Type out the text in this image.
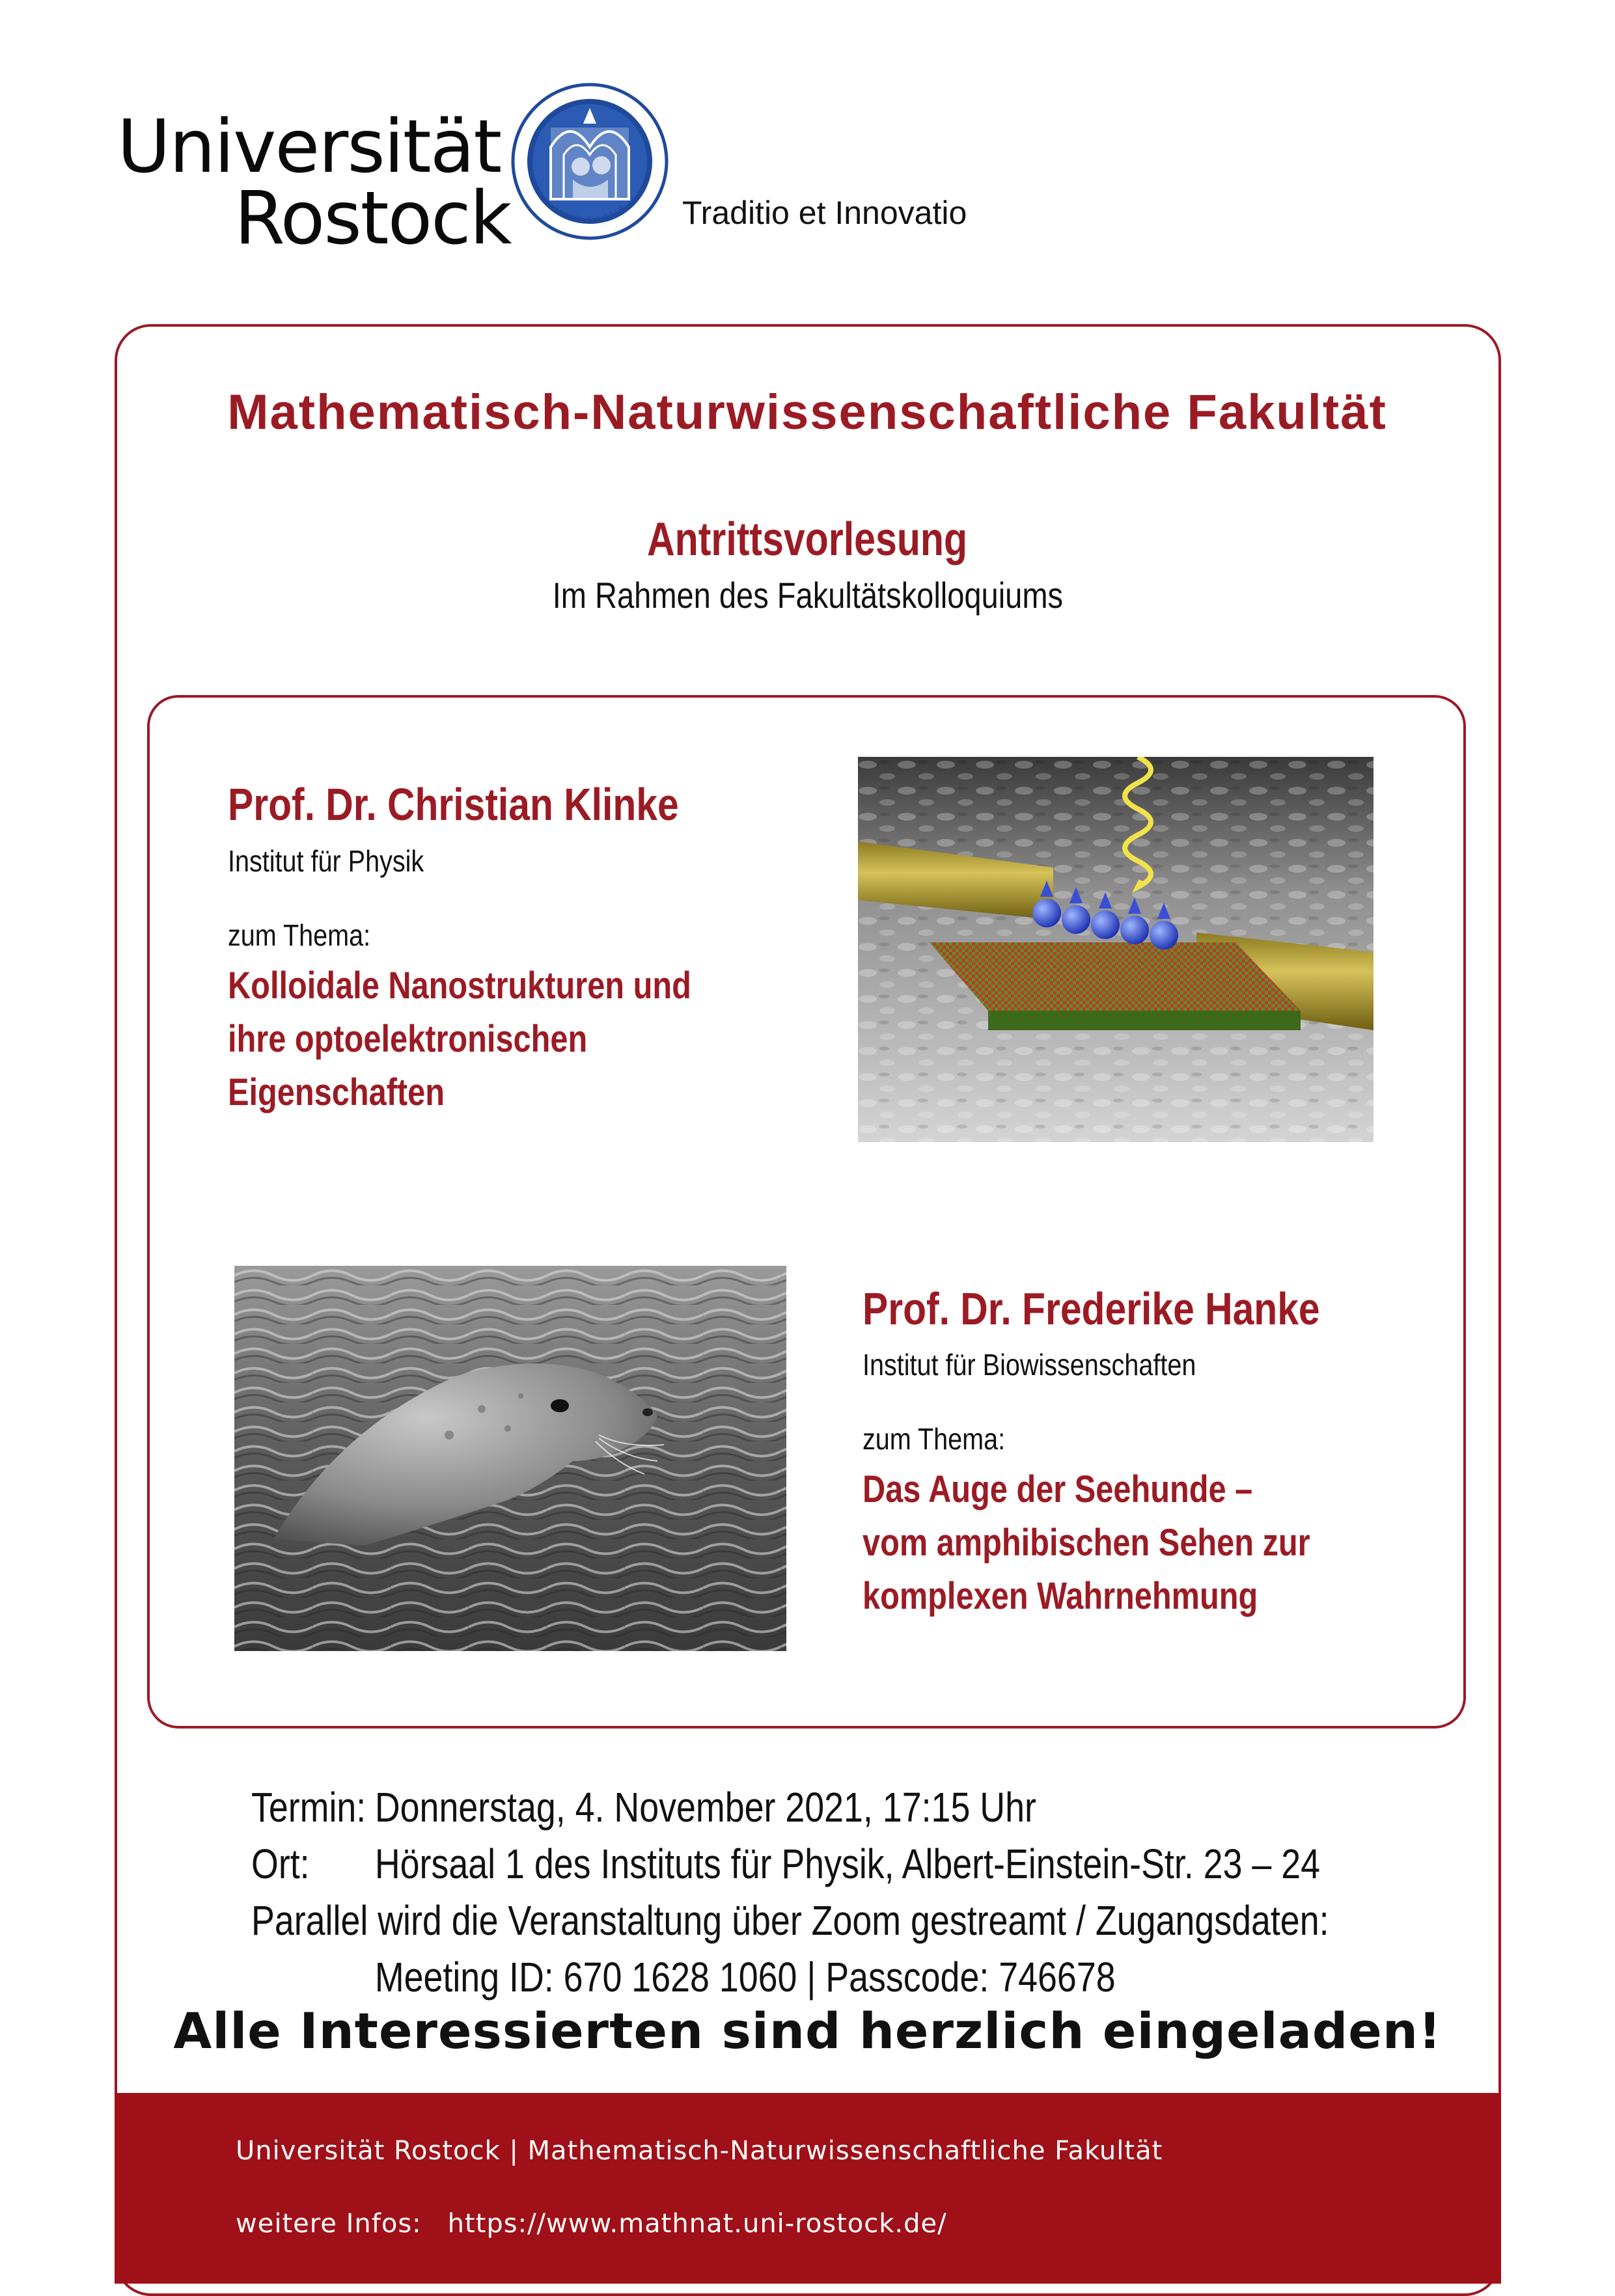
Universität
Rostock	gegründet 1419 Traditio et Innovatio
Mathematisch-Naturwissenschaftliche Fakultät
Antrittsvorlesung
Im Rahmen des Fakultätskolloquiums
Prof. Dr. Christian Klinke
Institut für Physik
zum Thema:
Kolloidale Nanostrukturen und
ihre optoelektronischen
Eigenschaften
Prof. Dr. Frederike Hanke
Institut für Biowissenschaften
zum Thema:
Das Auge der Seehunde –
vom amphibischen Sehen zur
komplexen Wahrnehmung
Termin: Donnerstag, 4. November 2021, 17:15 Uhr
Ort: Hörsaal 1 des Instituts für Physik, Albert-Einstein-Str. 23 – 24
Parallel wird die Veranstaltung über Zoom gestreamt / Zugangsdaten:
Meeting ID: 670 1628 1060 | Passcode: 746678
Alle Interessierten sind herzlich eingeladen!
Universität Rostock | Mathematisch-Naturwissenschaftliche Fakultät
weitere Infos: https://www.mathnat.uni-rostock.de/
